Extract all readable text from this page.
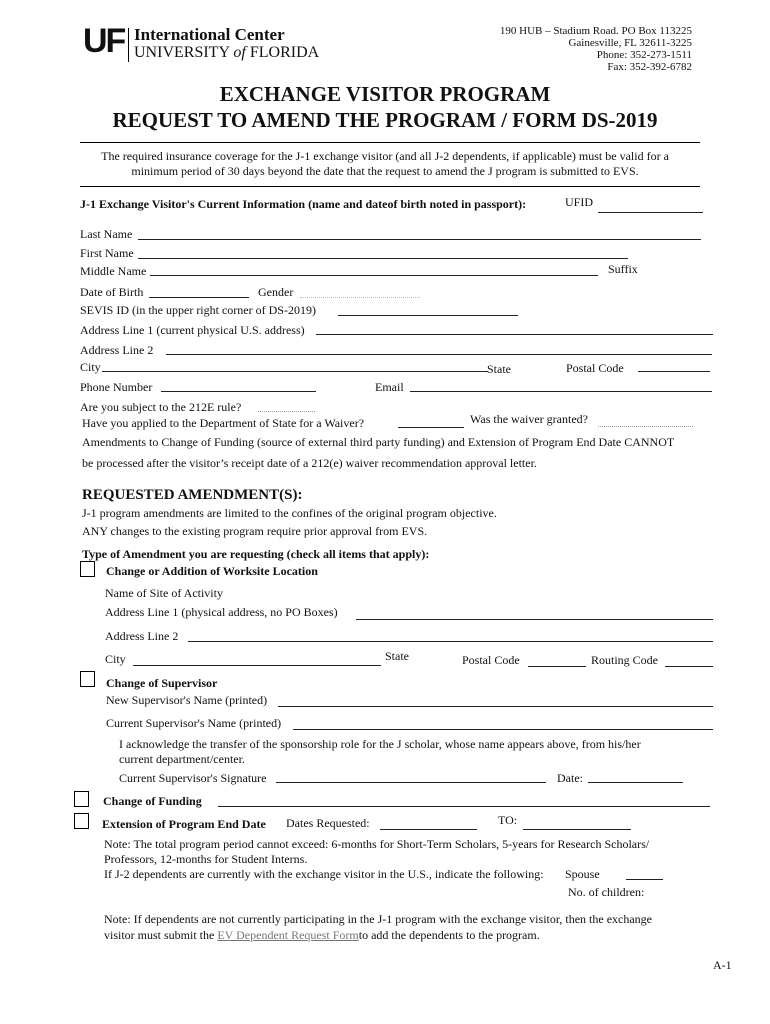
UF International Center
UNIVERSITY of FLORIDA
190 HUB – Stadium Road. PO Box 113225
Gainesville, FL 32611-3225
Phone: 352-273-1511
Fax: 352-392-6782
EXCHANGE VISITOR PROGRAM
REQUEST TO AMEND THE PROGRAM / FORM DS-2019
The required insurance coverage for the J-1 exchange visitor (and all J-2 dependents, if applicable) must be valid for a
minimum period of 30 days beyond the date that the request to amend the J program is submitted to EVS.
J-1 Exchange Visitor's Current Information (name and dateof birth noted in passport):	UFID
Last Name
First Name
Middle Name	Suffix
Date of Birth	Gender
SEVIS ID (in the upper right corner of DS-2019)
Address Line 1 (current physical U.S. address)
Address Line 2
City	State	Postal Code
Phone Number	Email
Are you subject to the 212E rule?
Have you applied to the Department of State for a Waiver?	Was the waiver granted?
Amendments to Change of Funding (source of external third party funding) and Extension of Program End Date CANNOT
be processed after the visitor’s receipt date of a 212(e) waiver recommendation approval letter.
REQUESTED AMENDMENT(S):
J-1 program amendments are limited to the confines of the original program objective.
ANY changes to the existing program require prior approval from EVS.
Type of Amendment you are requesting (check all items that apply):
Change or Addition of Worksite Location
Name of Site of Activity
Address Line 1 (physical address, no PO Boxes)
Address Line 2
City	State	Postal Code	Routing Code
Change of Supervisor
New Supervisor's Name (printed)
Current Supervisor's Name (printed)
I acknowledge the transfer of the sponsorship role for the J scholar, whose name appears above, from his/her
current department/center.
Current Supervisor's Signature	Date:
Change of Funding
Extension of Program End Date Dates Requested:	TO:
Note: The total program period cannot exceed: 6-months for Short-Term Scholars, 5-years for Research Scholars/
Professors, 12-months for Student Interns.
If J-2 dependents are currently with the exchange visitor in the U.S., indicate the following: Spouse
No. of children:
Note: If dependents are not currently participating in the J-1 program with the exchange visitor, then the exchange
visitor must submit the EV Dependent Request Formto add the dependents to the program.
A-1
